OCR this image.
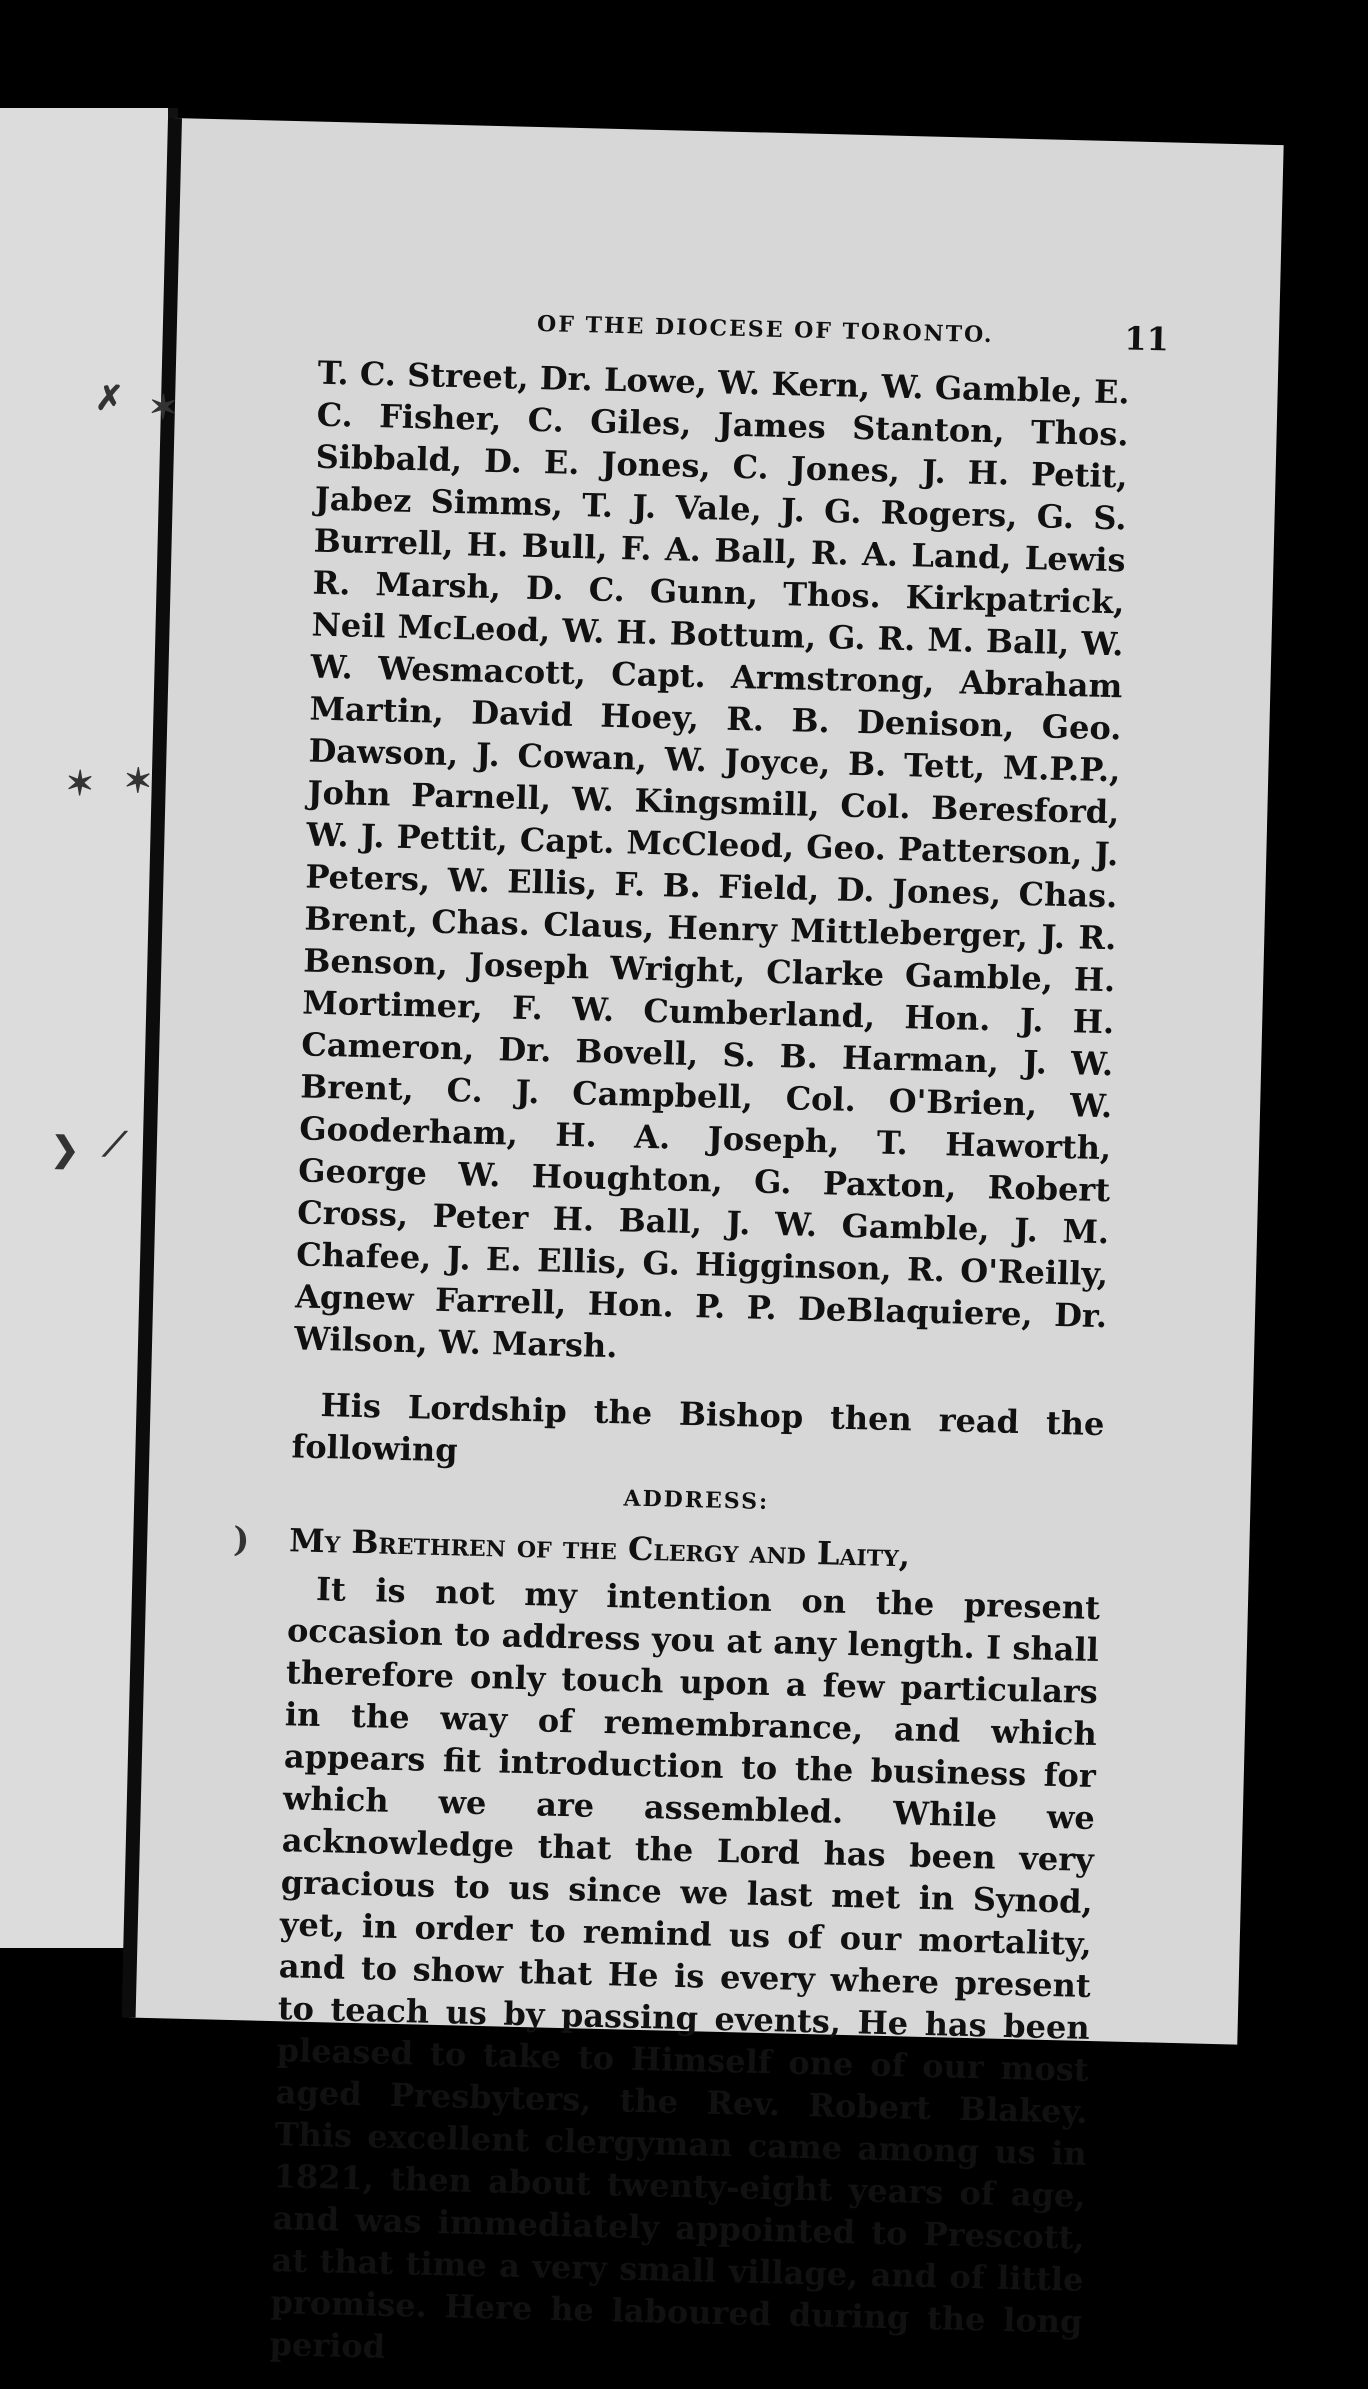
✗ ✶
✶ ✶
❯ ⟋
)
OF THE DIOCESE OF TORONTO.	11

T. C. Street, Dr. Lowe, W. Kern, W. Gamble, E. C. Fisher, C. Giles, James Stanton, Thos. Sibbald, D. E. Jones, C. Jones, J. H. Petit, Jabez Simms, T. J. Vale, J. G. Rogers, G. S. Burrell, H. Bull, F. A. Ball, R. A. Land, Lewis R. Marsh, D. C. Gunn, Thos. Kirkpatrick, Neil McLeod, W. H. Bottum, G. R. M. Ball, W. W. Wesmacott, Capt. Armstrong, Abraham Martin, David Hoey, R. B. Denison, Geo. Dawson, J. Cowan, W. Joyce, B. Tett, M.P.P., John Parnell, W. Kingsmill, Col. Beresford, W. J. Pettit, Capt. McCleod, Geo. Patterson, J. Peters, W. Ellis, F. B. Field, D. Jones, Chas. Brent, Chas. Claus, Henry Mittleberger, J. R. Benson, Joseph Wright, Clarke Gamble, H. Mortimer, F. W. Cumberland, Hon. J. H. Cameron, Dr. Bovell, S. B. Harman, J. W. Brent, C. J. Campbell, Col. O'Brien, W. Gooderham, H. A. Joseph, T. Haworth, George W. Houghton, G. Paxton, Robert Cross, Peter H. Ball, J. W. Gamble, J. M. Chafee, J. E. Ellis, G. Higginson, R. O'Reilly, Agnew Farrell, Hon. P. P. DeBlaquiere, Dr. Wilson, W. Marsh.

His Lordship the Bishop then read the following

ADDRESS:

My Brethren of the Clergy and Laity,

It is not my intention on the present occasion to address you at any length. I shall therefore only touch upon a few particulars in the way of remembrance, and which appears fit introduction to the business for which we are assembled. While we acknowledge that the Lord has been very gracious to us since we last met in Synod, yet, in order to remind us of our mortality, and to show that He is every where present to teach us by passing events, He has been pleased to take to Himself one of our most aged Presbyters, the Rev. Robert Blakey. This excellent clergyman came among us in 1821, then about twenty-eight years of age, and was immediately appointed to Prescott, at that time a very small village, and of little promise. Here he laboured during the long period
